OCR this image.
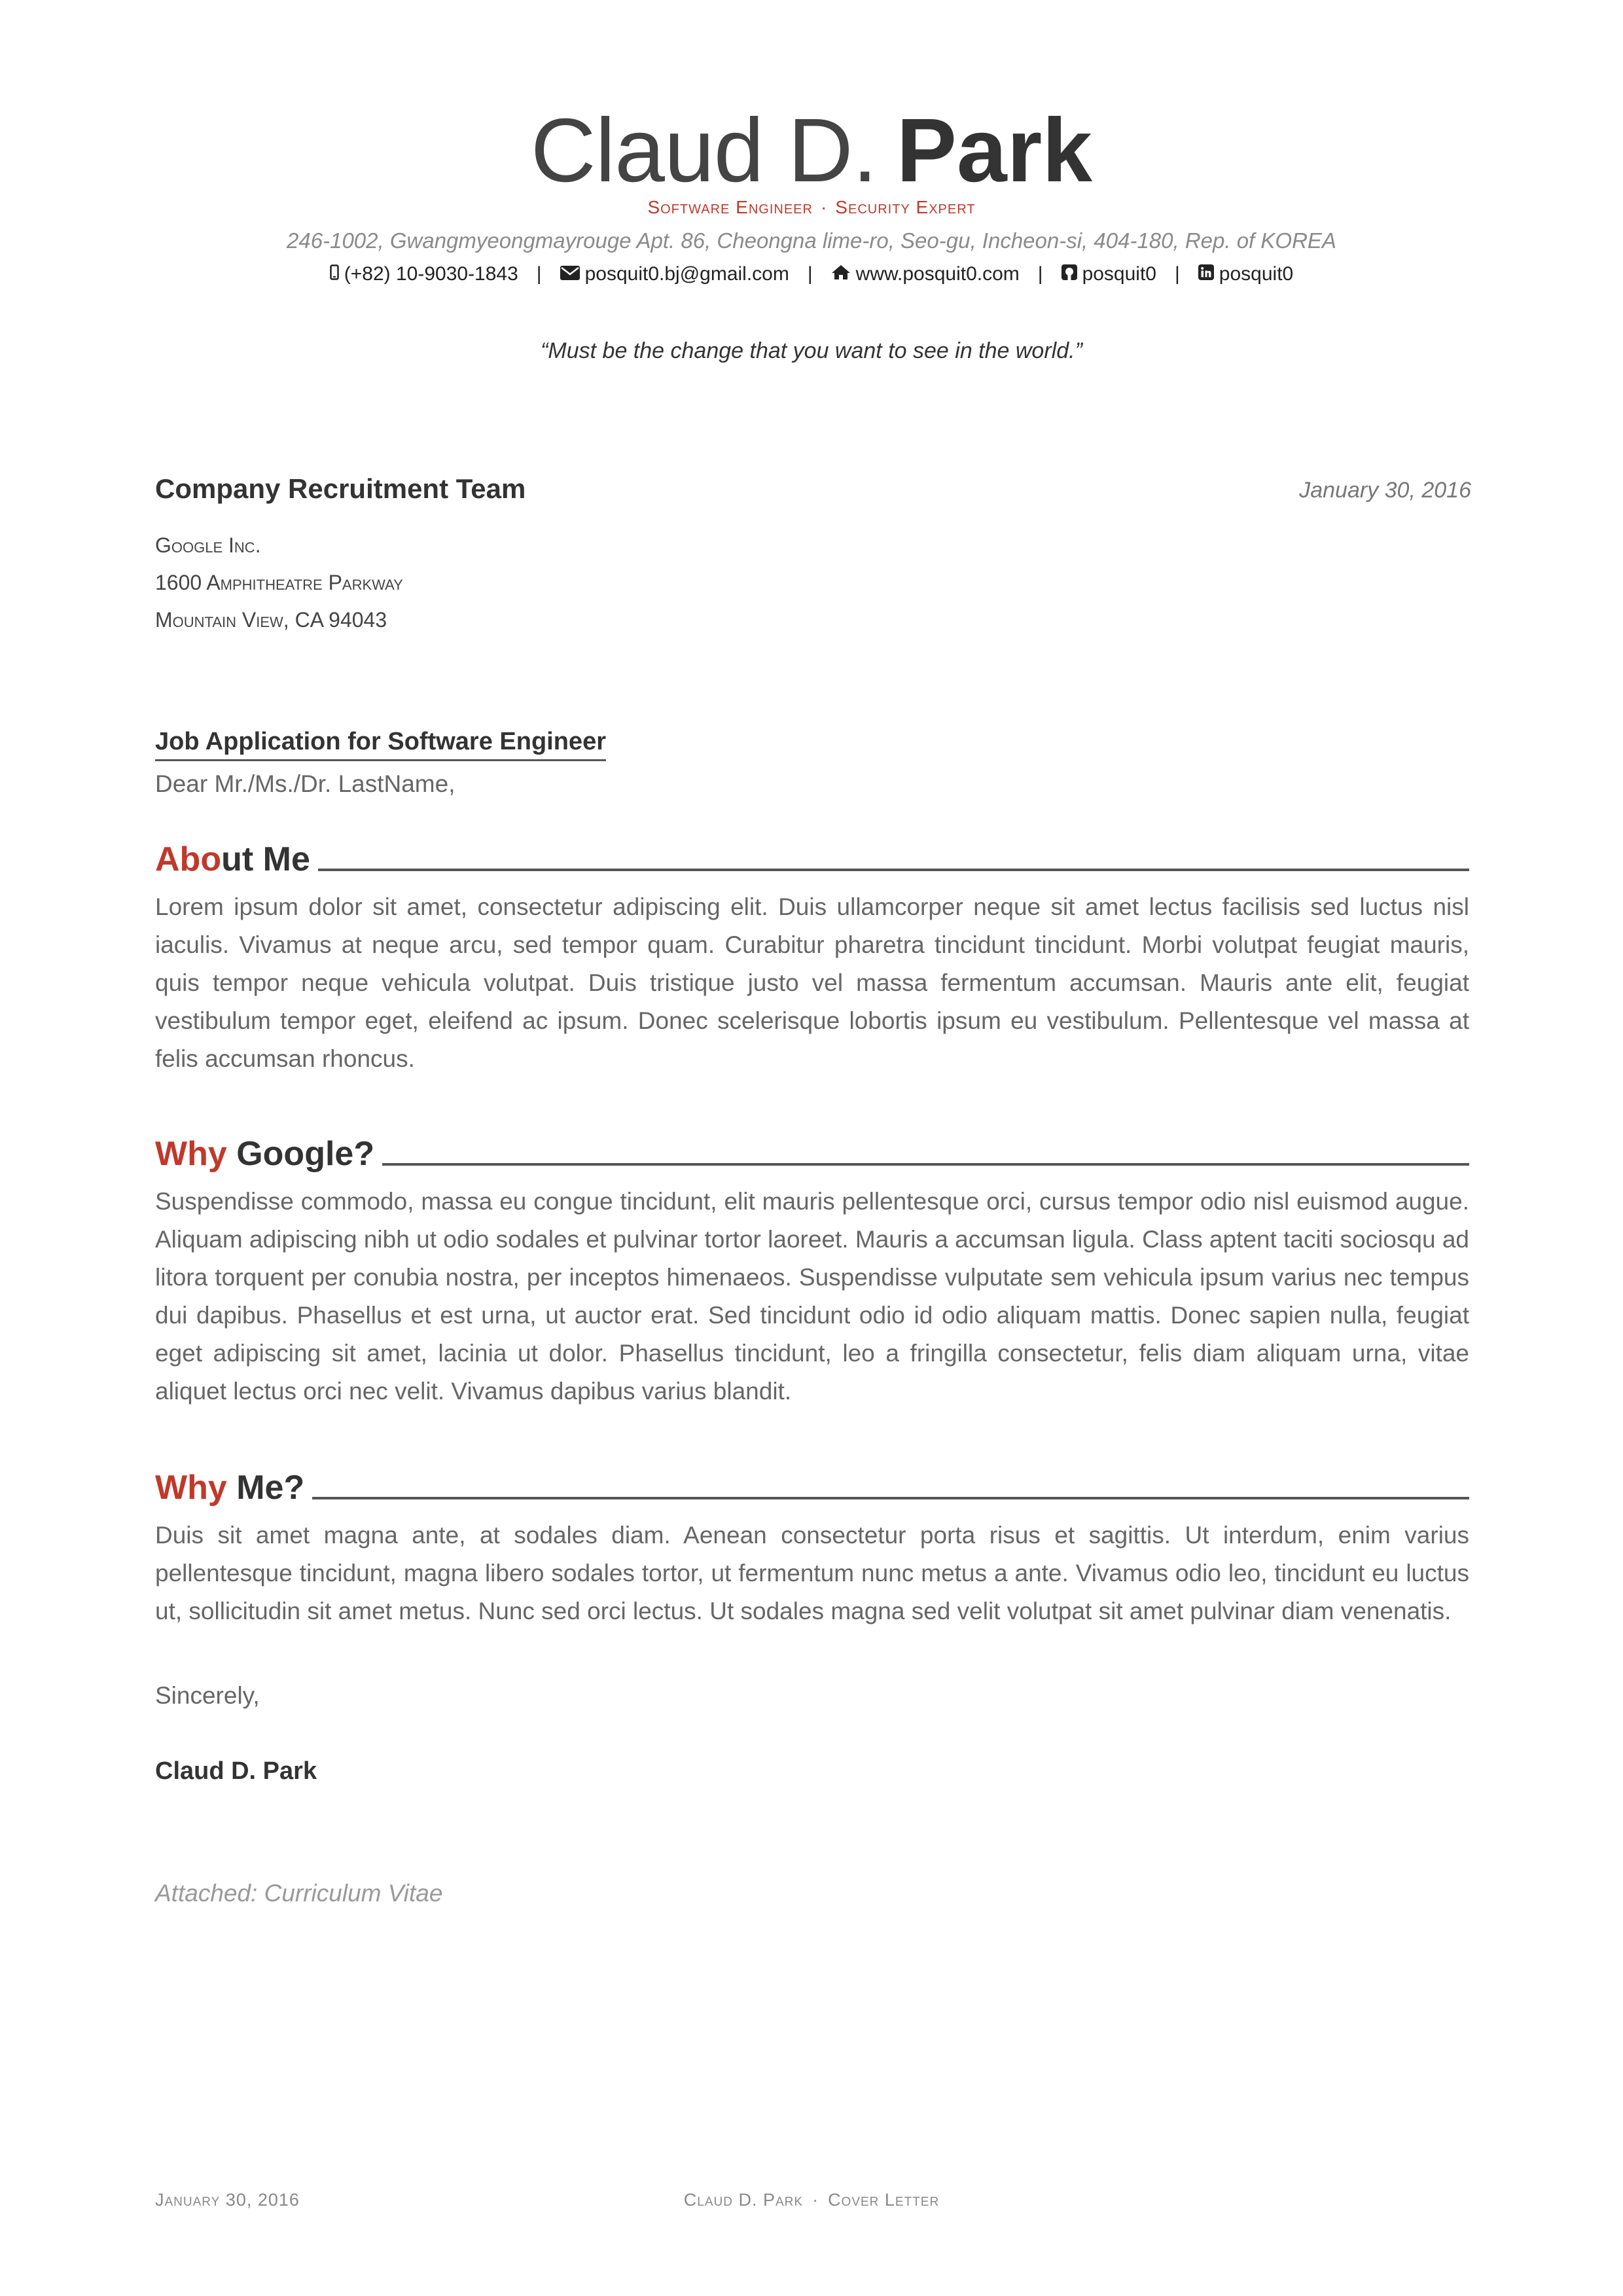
Claud D. Park
Software Engineer · Security Expert
246-1002, Gwangmyeongmayrouge Apt. 86, Cheongna lime-ro, Seo-gu, Incheon-si, 404-180, Rep. of KOREA
(+82) 10-9030-1843 | posquit0.bj@gmail.com | www.posquit0.com | posquit0 | posquit0
“Must be the change that you want to see in the world.”
Company Recruitment Team	January 30, 2016
Google Inc.
1600 Amphitheatre Parkway
Mountain View, CA 94043
Job Application for Software Engineer
Dear Mr./Ms./Dr. LastName,
About Me
Lorem ipsum dolor sit amet, consectetur adipiscing elit. Duis ullamcorper neque sit amet lectus facilisis sed luctus nisl iaculis. Vivamus at neque arcu, sed tempor quam. Curabitur pharetra tincidunt tincidunt. Morbi volutpat feugiat mauris, quis tempor neque vehicula volutpat. Duis tristique justo vel massa fermentum accumsan. Mauris ante elit, feugiat vestibulum tempor eget, eleifend ac ipsum. Donec scelerisque lobortis ipsum eu vestibulum. Pellentesque vel massa at felis accumsan rhoncus.
Why Google?
Suspendisse commodo, massa eu congue tincidunt, elit mauris pellentesque orci, cursus tempor odio nisl euismod augue. Aliquam adipiscing nibh ut odio sodales et pulvinar tortor laoreet. Mauris a accumsan ligula. Class aptent taciti sociosqu ad litora torquent per conubia nostra, per inceptos himenaeos. Suspendisse vulputate sem vehicula ipsum varius nec tempus dui dapibus. Phasellus et est urna, ut auctor erat. Sed tincidunt odio id odio aliquam mattis. Donec sapien nulla, feugiat eget adipiscing sit amet, lacinia ut dolor. Phasellus tincidunt, leo a fringilla consectetur, felis diam aliquam urna, vitae aliquet lectus orci nec velit. Vivamus dapibus varius blandit.
Why Me?
Duis sit amet magna ante, at sodales diam. Aenean consectetur porta risus et sagittis. Ut interdum, enim varius pellentesque tincidunt, magna libero sodales tortor, ut fermentum nunc metus a ante. Vivamus odio leo, tincidunt eu luctus ut, sollicitudin sit amet metus. Nunc sed orci lectus. Ut sodales magna sed velit volutpat sit amet pulvinar diam venenatis.
Sincerely,
Claud D. Park
Attached: Curriculum Vitae
January 30, 2016	Claud D. Park · Cover Letter
